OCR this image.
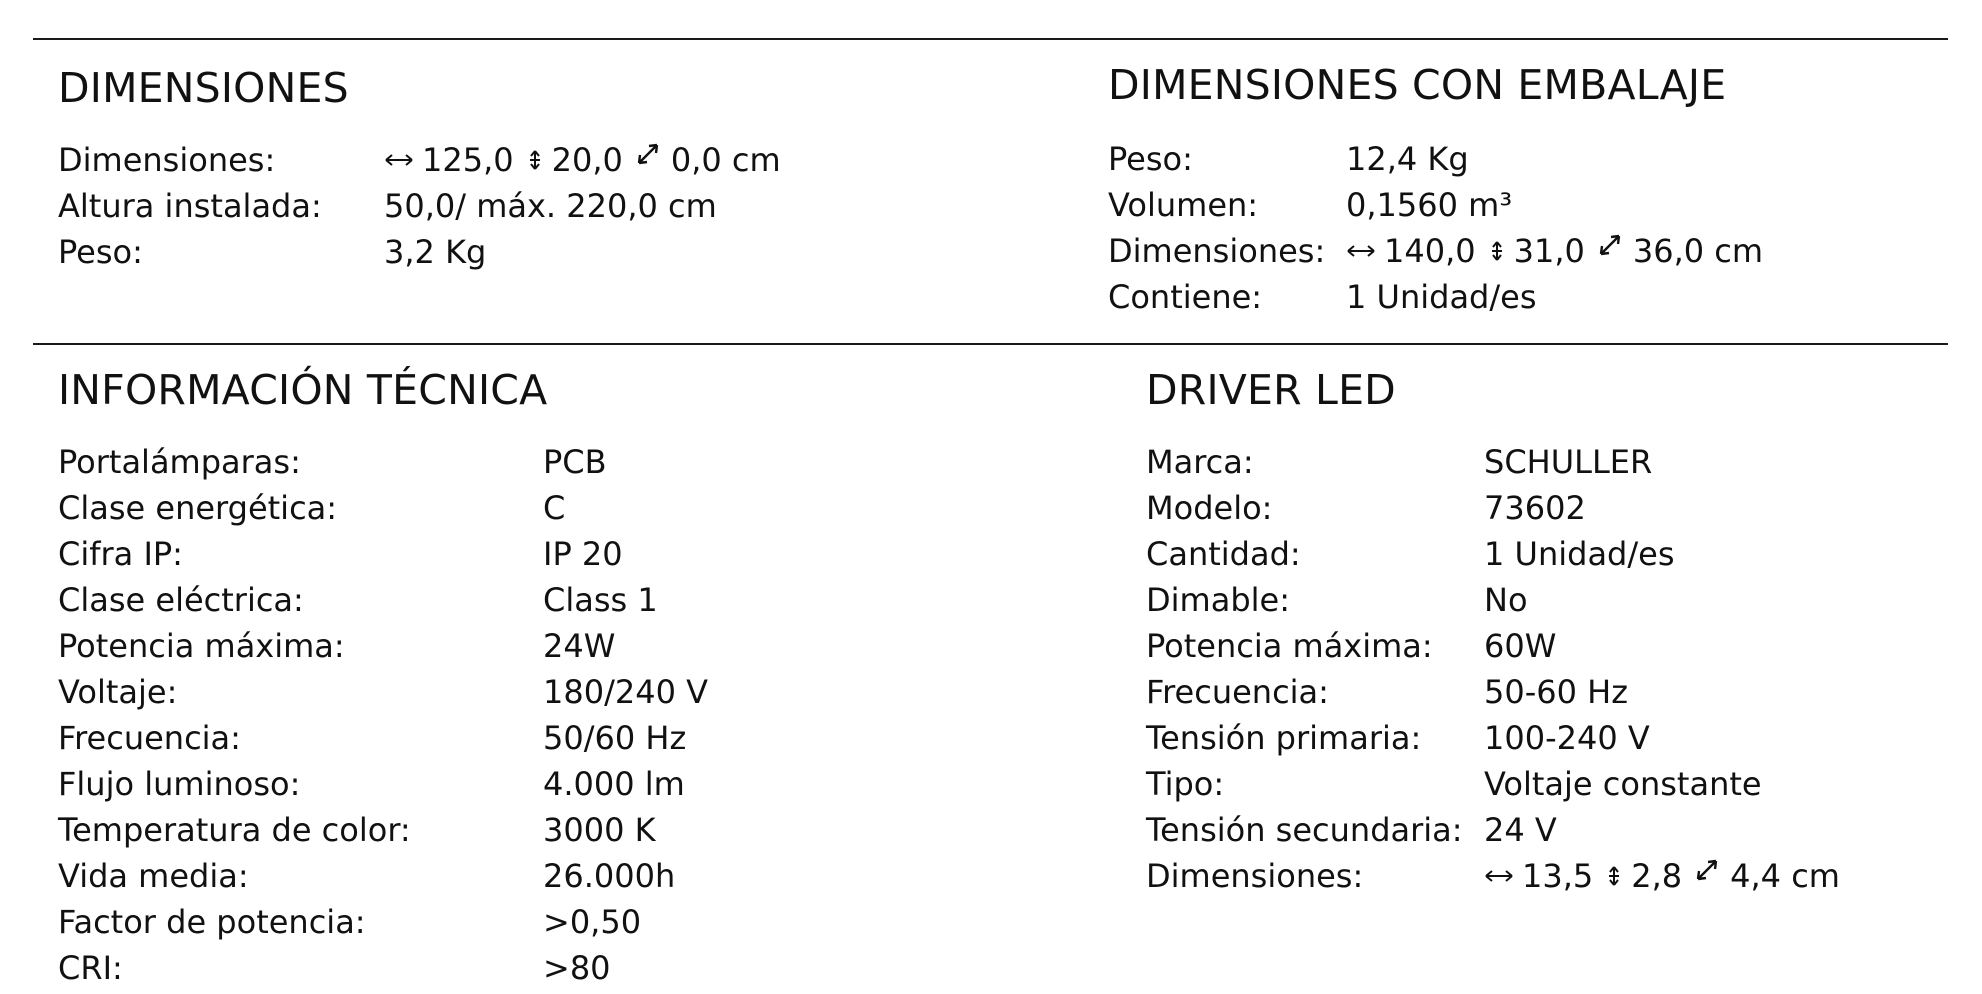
DIMENSIONES
Dimensiones:	125,0 20,0 0,0 cm
Altura instalada:	50,0/ máx. 220,0 cm
Peso:	3,2 Kg
DIMENSIONES CON EMBALAJE
Peso:	12,4 Kg
Volumen:	0,1560 m³
Dimensiones:	140,0 31,0 36,0 cm
Contiene:	1 Unidad/es
INFORMACIÓN TÉCNICA
Portalámparas:	PCB
Clase energética:	C
Cifra IP:	IP 20
Clase eléctrica:	Class 1
Potencia máxima:	24W
Voltaje:	180/240 V
Frecuencia:	50/60 Hz
Flujo luminoso:	4.000 lm
Temperatura de color:	3000 K
Vida media:	26.000h
Factor de potencia:	>0,50
CRI:	>80
DRIVER LED
Marca:	SCHULLER
Modelo:	73602
Cantidad:	1 Unidad/es
Dimable:	No
Potencia máxima:	60W
Frecuencia:	50-60 Hz
Tensión primaria:	100-240 V
Tipo:	Voltaje constante
Tensión secundaria: 24 V
Dimensiones:	13,5 2,8 4,4 cm
